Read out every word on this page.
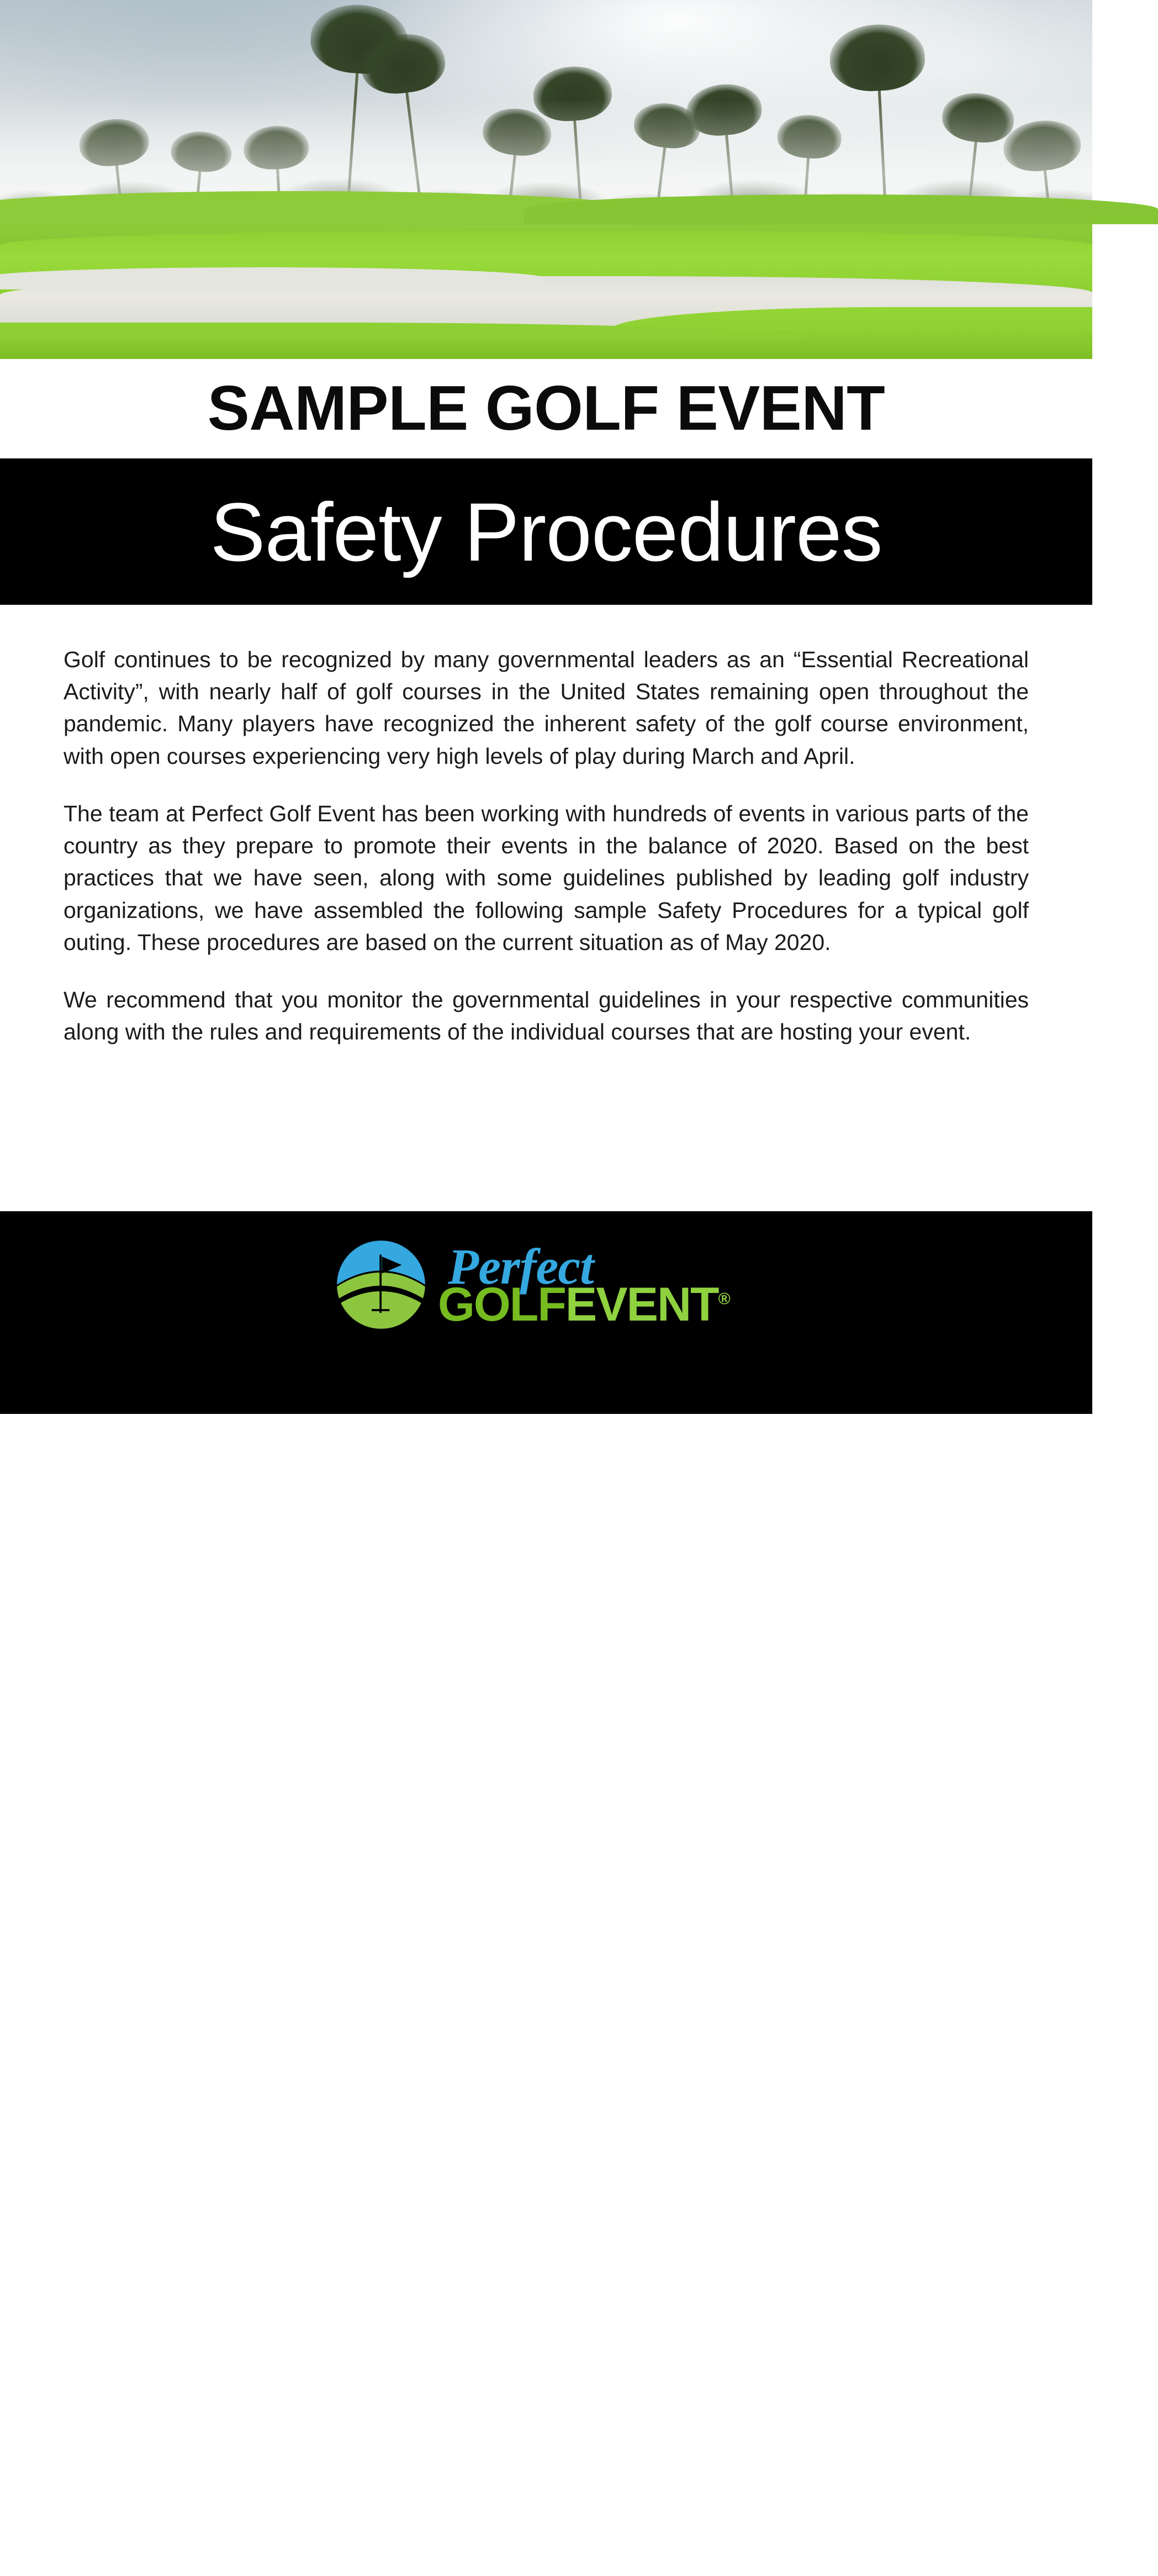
SAMPLE GOLF EVENT
Safety Procedures

Golf continues to be recognized by many governmental leaders as an “Essential Recreational Activity”, with nearly half of golf courses in the United States remaining open throughout the pandemic. Many players have recognized the inherent safety of the golf course environment, with open courses experiencing very high levels of play during March and April.

The team at Perfect Golf Event has been working with hundreds of events in various parts of the country as they prepare to promote their events in the balance of 2020. Based on the best practices that we have seen, along with some guidelines published by leading golf industry organizations, we have assembled the following sample Safety Procedures for a typical golf outing. These procedures are based on the current situation as of May 2020.

We recommend that you monitor the governmental guidelines in your respective communities along with the rules and requirements of the individual courses that are hosting your event.

Perfect
GOLFEVENT®
(877) 799-6031 | support@perfectgolfevent.com | © 2020 Perfect Golf Event® All Rights Reserved.
